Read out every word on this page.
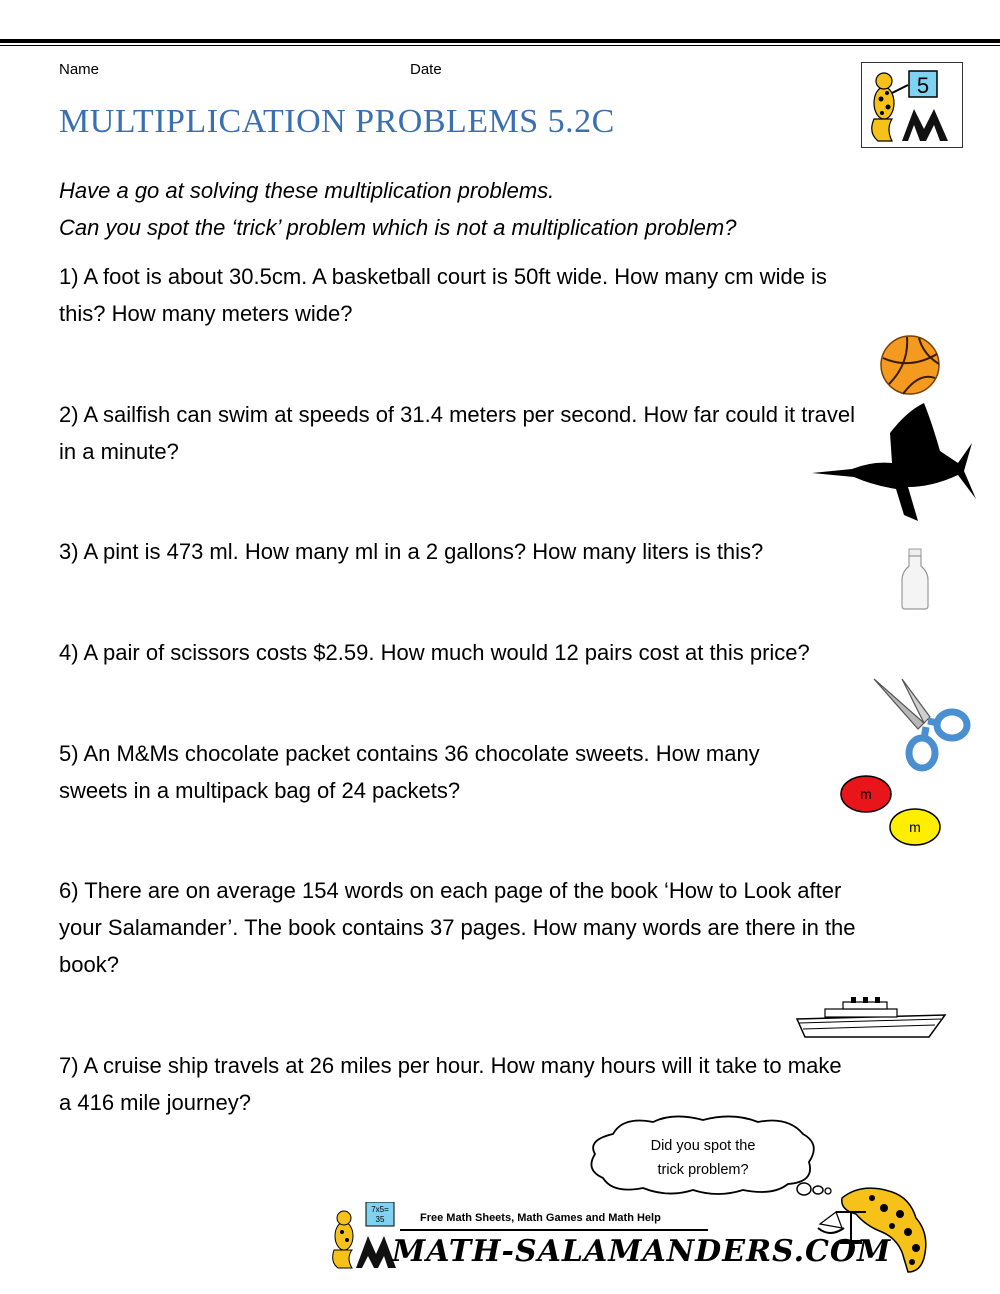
Name	Date
5
MULTIPLICATION PROBLEMS 5.2C
Have a go at solving these multiplication problems.
Can you spot the ‘trick’ problem which is not a multiplication problem?
1) A foot is about 30.5cm. A basketball court is 50ft wide. How many cm wide is
this? How many meters wide?
2) A sailfish can swim at speeds of 31.4 meters per second. How far could it travel
in a minute?
3) A pint is 473 ml. How many ml in a 2 gallons? How many liters is this?
4) A pair of scissors costs $2.59. How much would 12 pairs cost at this price?
5) An M&Ms chocolate packet contains 36 chocolate sweets. How many
sweets in a multipack bag of 24 packets?
6) There are on average 154 words on each page of the book ‘How to Look after
your Salamander’. The book contains 37 pages. How many words are there in the
book?
7) A cruise ship travels at 26 miles per hour. How many hours will it take to make
a 416 mile journey?
m
m
Did you spot the
trick problem?
7x5=
35	Free Math Sheets, Math Games and Math Help
MATH-SALAMANDERS.COM
